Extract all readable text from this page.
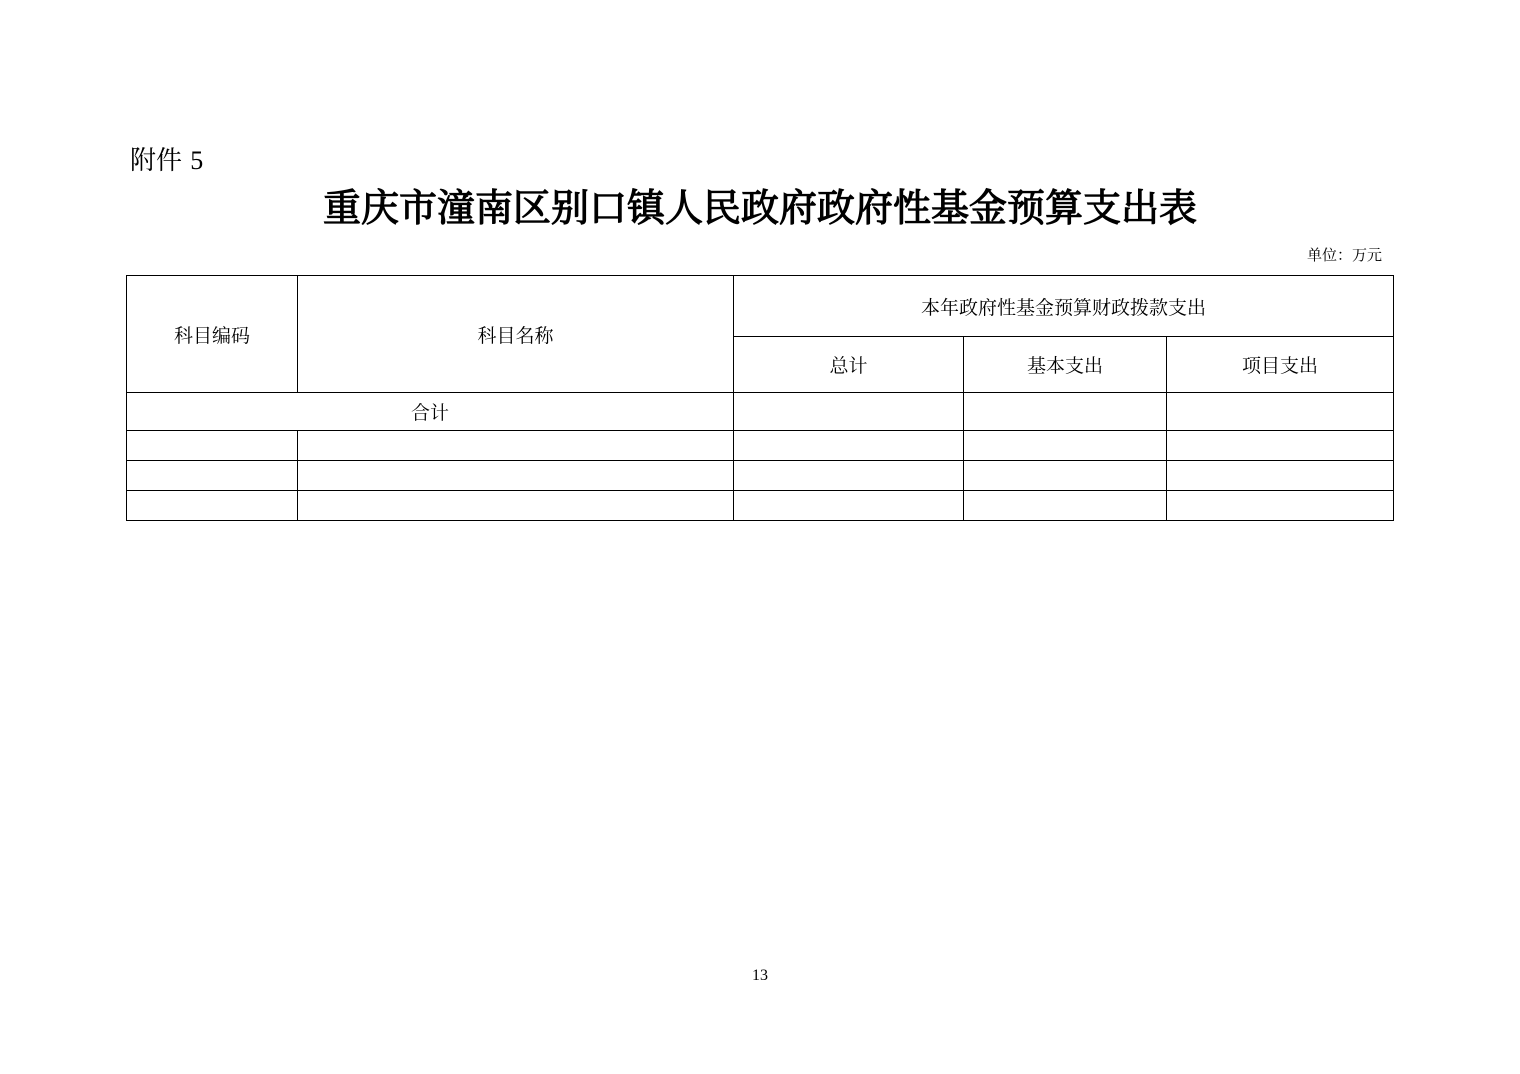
附件 5
重庆市潼南区别口镇人民政府政府性基金预算支出表
单位：万元
科目编码	科目名称	本年政府性基金预算财政拨款支出		
		总计	基本支出	项目支出
合计				

13
